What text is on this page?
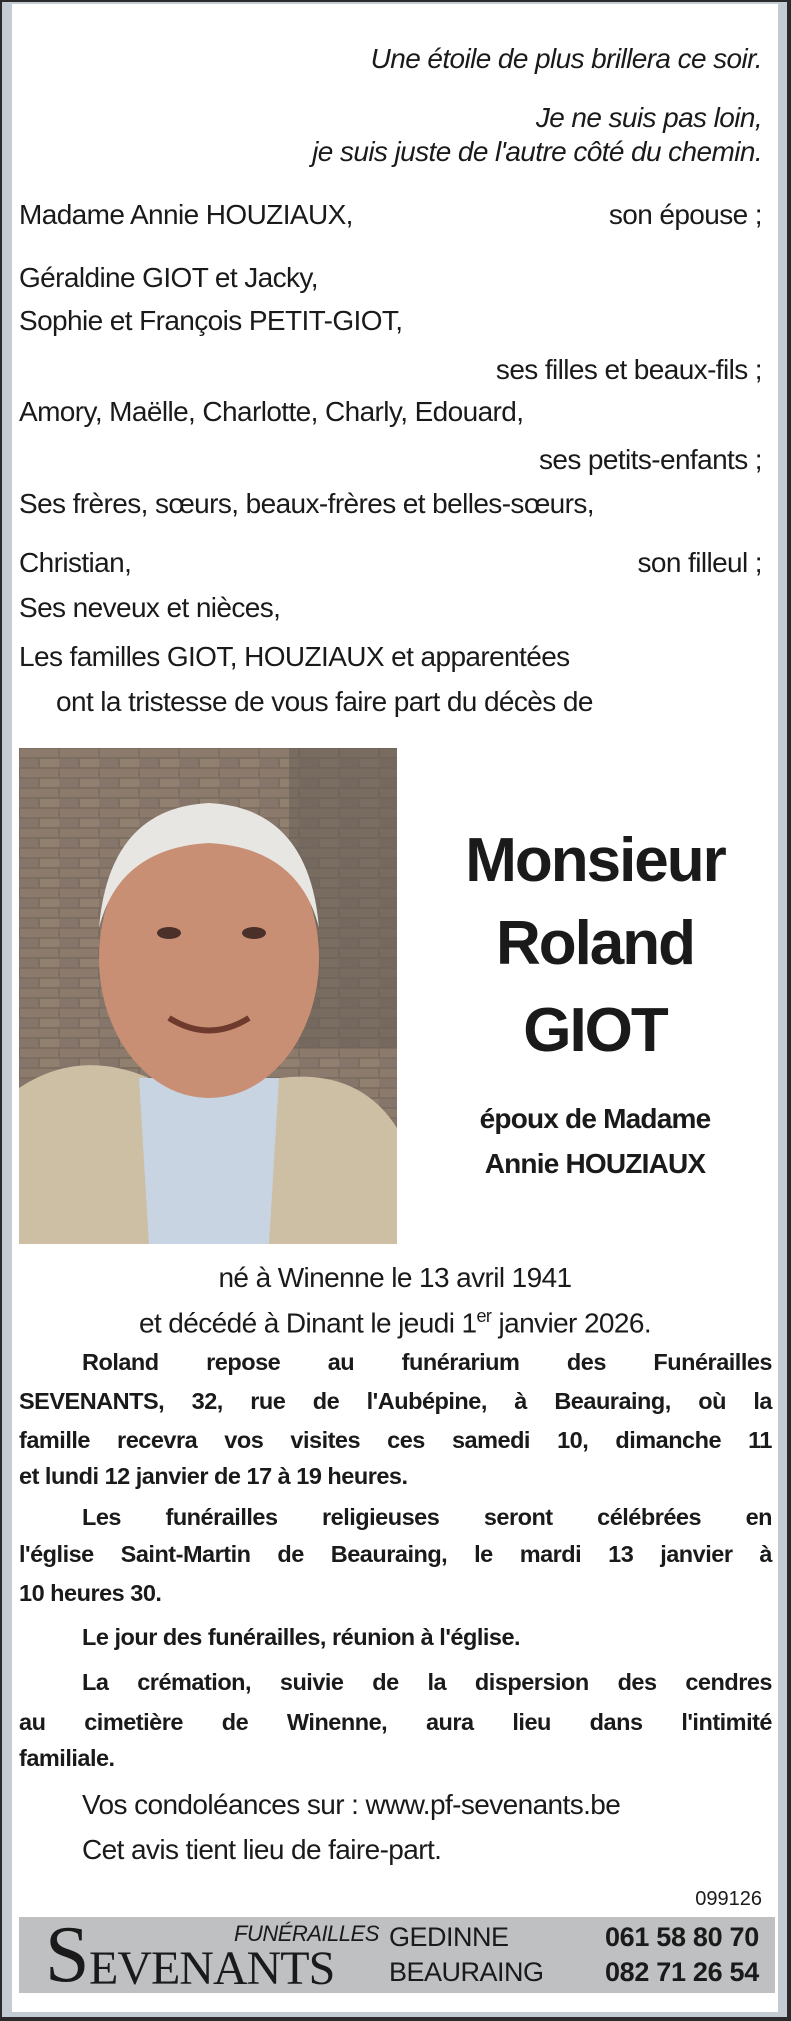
Une étoile de plus brillera ce soir.
Je ne suis pas loin,
je suis juste de l'autre côté du chemin.
Madame Annie HOUZIAUX,	son épouse ;
Géraldine GIOT et Jacky,
Sophie et François PETIT-GIOT,
ses filles et beaux-fils ;
Amory, Maëlle, Charlotte, Charly, Edouard,
ses petits-enfants ;
Ses frères, sœurs, beaux-frères et belles-sœurs,
Christian,	son filleul ;
Ses neveux et nièces,
Les familles GIOT, HOUZIAUX et apparentées
ont la tristesse de vous faire part du décès de
Monsieur
Roland
GIOT
époux de Madame
Annie HOUZIAUX
né à Winenne le 13 avril 1941
et décédé à Dinant le jeudi 1er janvier 2026.
Roland repose au funérarium des Funérailles
SEVENANTS, 32, rue de l'Aubépine, à Beauraing, où la
famille recevra vos visites ces samedi 10, dimanche 11
et lundi 12 janvier de 17 à 19 heures.
Les funérailles religieuses seront célébrées en
l'église Saint-Martin de Beauraing, le mardi 13 janvier à
10 heures 30.
Le jour des funérailles, réunion à l'église.
La crémation, suivie de la dispersion des cendres
au cimetière de Winenne, aura lieu dans l'intimité
familiale.
Vos condoléances sur : www.pf-sevenants.be
Cet avis tient lieu de faire-part.
099126
FUNÉRAILLES
S EVENANTS
GEDINNE	061 58 80 70
BEAURAING 082 71 26 54
